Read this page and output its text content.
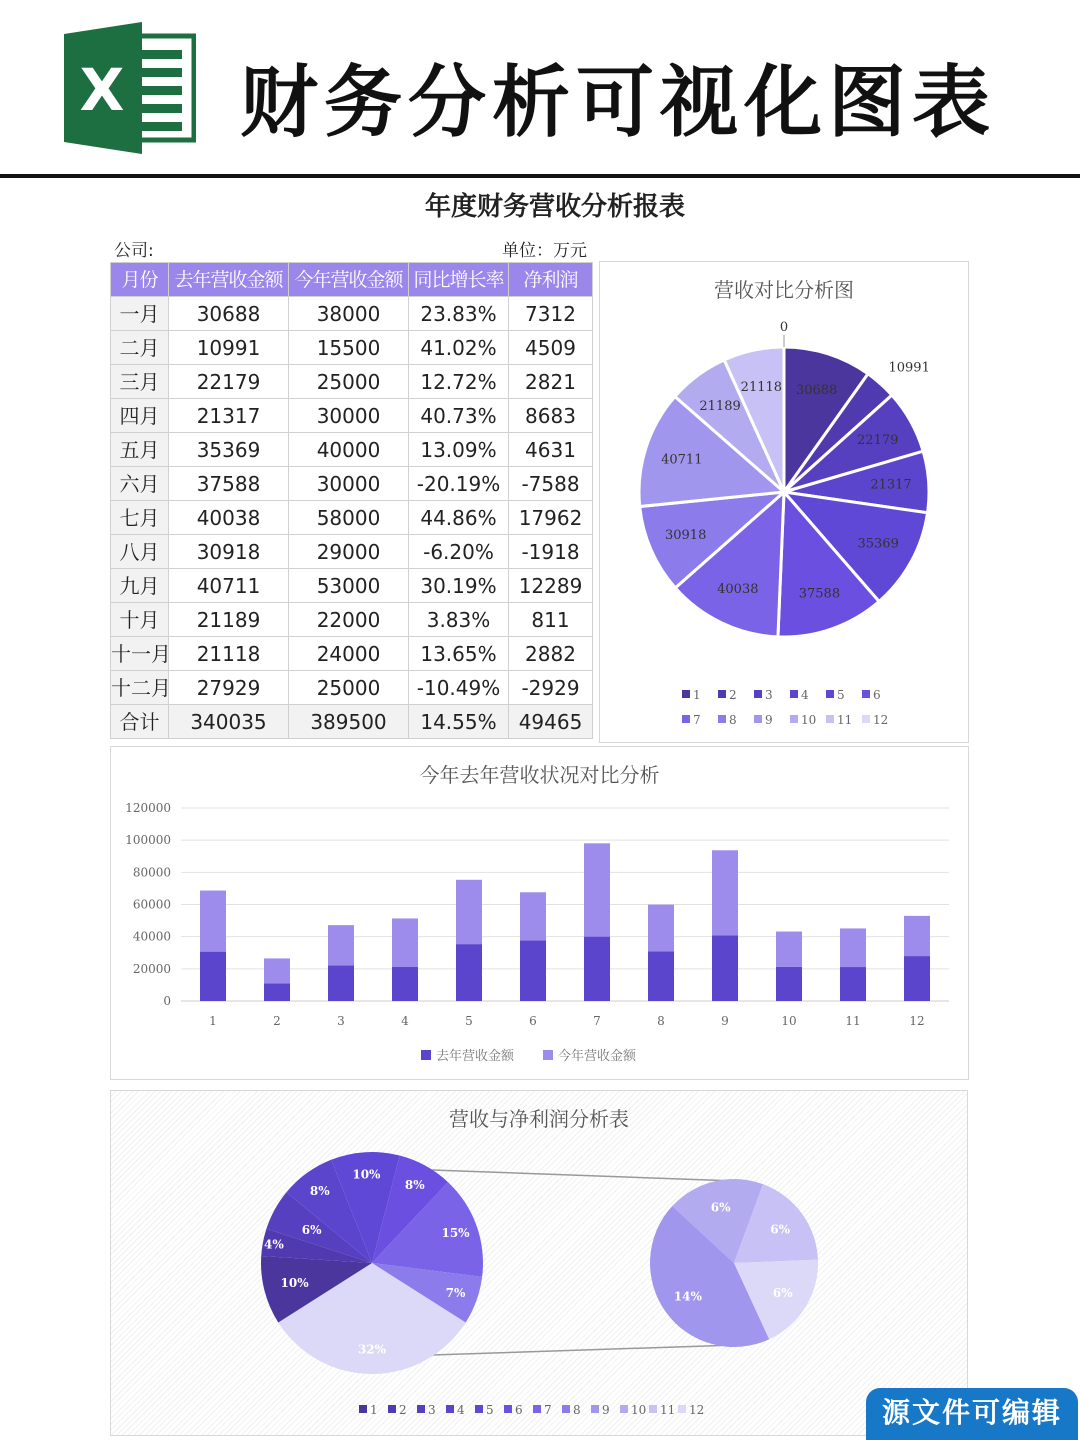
X 财务分析可视化图表
年度财务营收分析报表
公司:	单位：万元
月份	去年营收金额	今年营收金额	同比增长率	净利润
一月	30688	38000	23.83%	7312
二月	10991	15500	41.02%	4509
三月	22179	25000	12.72%	2821
四月	21317	30000	40.73%	8683
五月	35369	40000	13.09%	4631
六月	37588	30000	-20.19%	-7588
七月	40038	58000	44.86%	17962
八月	30918	29000	-6.20%	-1918
九月	40711	53000	30.19%	12289
十月	21189	22000	3.83%	811
十一月	21118	24000	13.65%	2882
十二月	27929	25000	-10.49%	-2929
合计	340035	389500	14.55%	49465
营收对比分析图
30688
10991
22179
21317
35369
37588
40038
30918
40711
21189
21118
0
1 2 3 4 5 6
7 8 9 10 11 12
今年去年营收状况对比分析
0
20000
40000
60000
80000
100000
120000
1	2	3	4	5	6	7	8	9	10	11	12
去年营收金额	今年营收金额
营收与净利润分析表
32%
10%
4%
6%
8%
10%
8%
15%
7%	14%
6%
6%
6%
1 2 3 4 5 6 7 8 9 10 11 12	源文件可编辑
